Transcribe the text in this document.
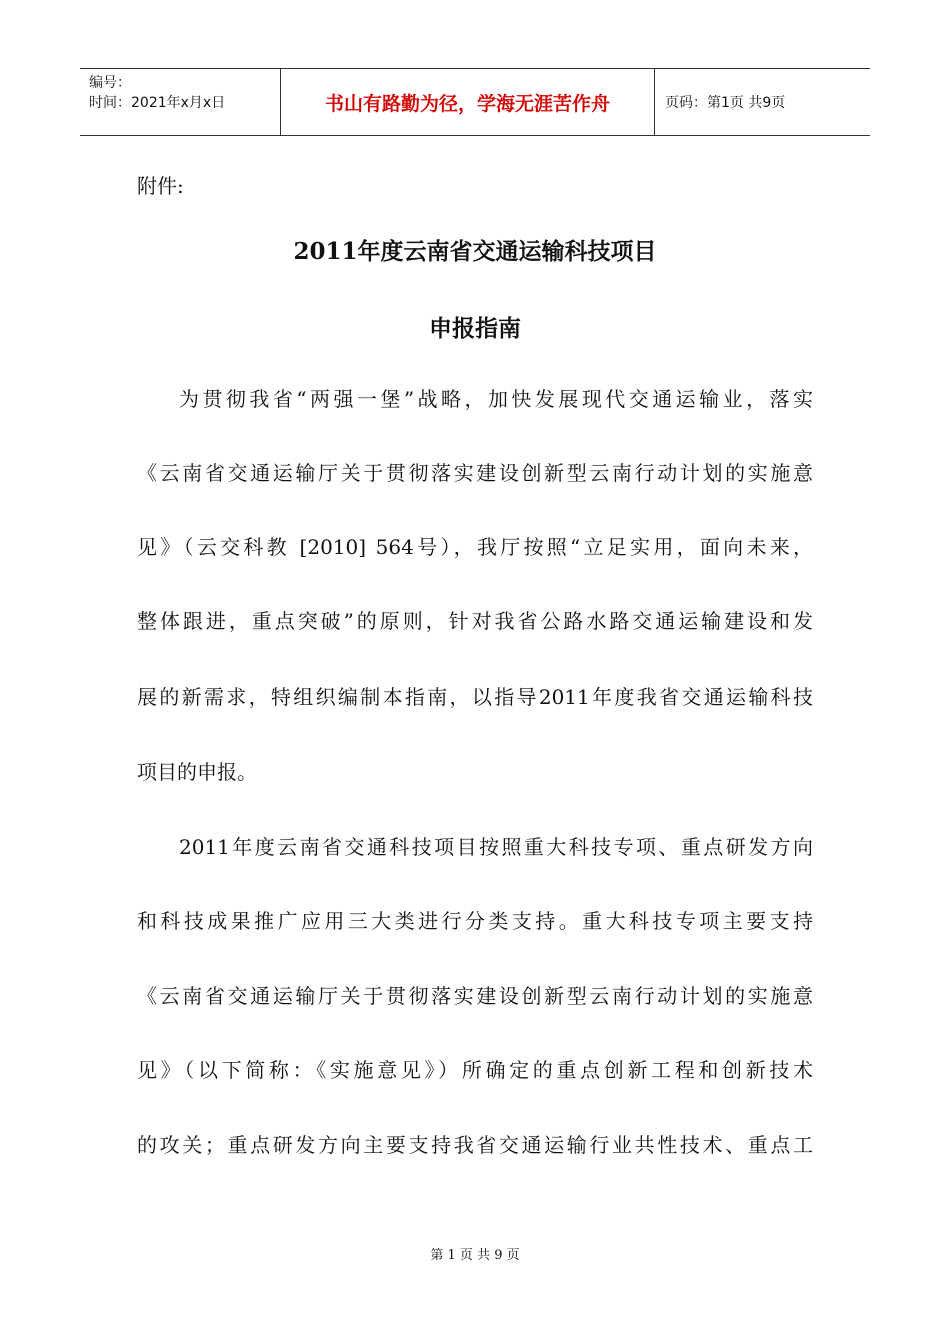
编号：
时间：2021年x月x日	书山有路勤为径，学海无涯苦作舟	页码：第1页 共9页
附件:
2011年度云南省交通运输科技项目
申报指南
为贯彻我省“两强一堡”战略，加快发展现代交通运输业，落实
《云南省交通运输厅关于贯彻落实建设创新型云南行动计划的实施意
见》（云交科教 [2010] 564号），我厅按照“立足实用，面向未来，
整体跟进，重点突破”的原则，针对我省公路水路交通运输建设和发
展的新需求，特组织编制本指南，以指导2011年度我省交通运输科技
项目的申报。
2011年度云南省交通科技项目按照重大科技专项、重点研发方向
和科技成果推广应用三大类进行分类支持。重大科技专项主要支持
《云南省交通运输厅关于贯彻落实建设创新型云南行动计划的实施意
见》（以下简称：《实施意见》）所确定的重点创新工程和创新技术
的攻关；重点研发方向主要支持我省交通运输行业共性技术、重点工
第 1 页 共 9 页
